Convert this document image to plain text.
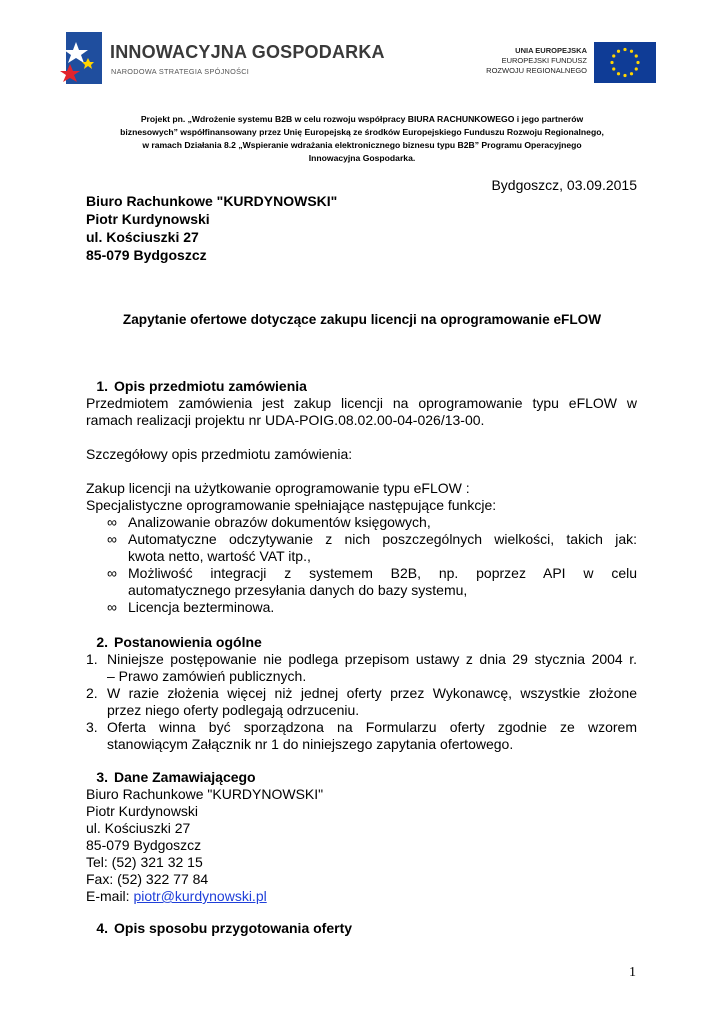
INNOWACYJNA GOSPODARKA
NARODOWA STRATEGIA SPÓJNOŚCI
UNIA EUROPEJSKA
EUROPEJSKI FUNDUSZ
ROZWOJU REGIONALNEGO
Projekt pn. „Wdrożenie systemu B2B w celu rozwoju współpracy BIURA RACHUNKOWEGO i jego partnerów
biznesowych” współfinansowany przez Unię Europejską ze środków Europejskiego Funduszu Rozwoju Regionalnego,
w ramach Działania 8.2 „Wspieranie wdrażania elektronicznego biznesu typu B2B” Programu Operacyjnego
Innowacyjna Gospodarka.
Bydgoszcz, 03.09.2015
Biuro Rachunkowe "KURDYNOWSKI"
Piotr Kurdynowski
ul. Kościuszki 27
85-079 Bydgoszcz
Zapytanie ofertowe dotyczące zakupu licencji na oprogramowanie eFLOW
1. Opis przedmiotu zamówienia
Przedmiotem zamówienia jest zakup licencji na oprogramowanie typu eFLOW w
ramach realizacji projektu nr UDA-POIG.08.02.00-04-026/13-00.
Szczegółowy opis przedmiotu zamówienia:
Zakup licencji na użytkowanie oprogramowanie typu eFLOW :
Specjalistyczne oprogramowanie spełniające następujące funkcje:
∞ Analizowanie obrazów dokumentów księgowych,
∞ Automatyczne odczytywanie z nich poszczególnych wielkości, takich jak:
kwota netto, wartość VAT itp.,
∞ Możliwość integracji z systemem B2B, np. poprzez API w celu
automatycznego przesyłania danych do bazy systemu,
∞ Licencja bezterminowa.
2. Postanowienia ogólne
1. Niniejsze postępowanie nie podlega przepisom ustawy z dnia 29 stycznia 2004 r.
– Prawo zamówień publicznych.
2. W razie złożenia więcej niż jednej oferty przez Wykonawcę, wszystkie złożone
przez niego oferty podlegają odrzuceniu.
3. Oferta winna być sporządzona na Formularzu oferty zgodnie ze wzorem
stanowiącym Załącznik nr 1 do niniejszego zapytania ofertowego.
3. Dane Zamawiającego
Biuro Rachunkowe "KURDYNOWSKI"
Piotr Kurdynowski
ul. Kościuszki 27
85-079 Bydgoszcz
Tel: (52) 321 32 15
Fax: (52) 322 77 84
E-mail: piotr@kurdynowski.pl
4. Opis sposobu przygotowania oferty
1
